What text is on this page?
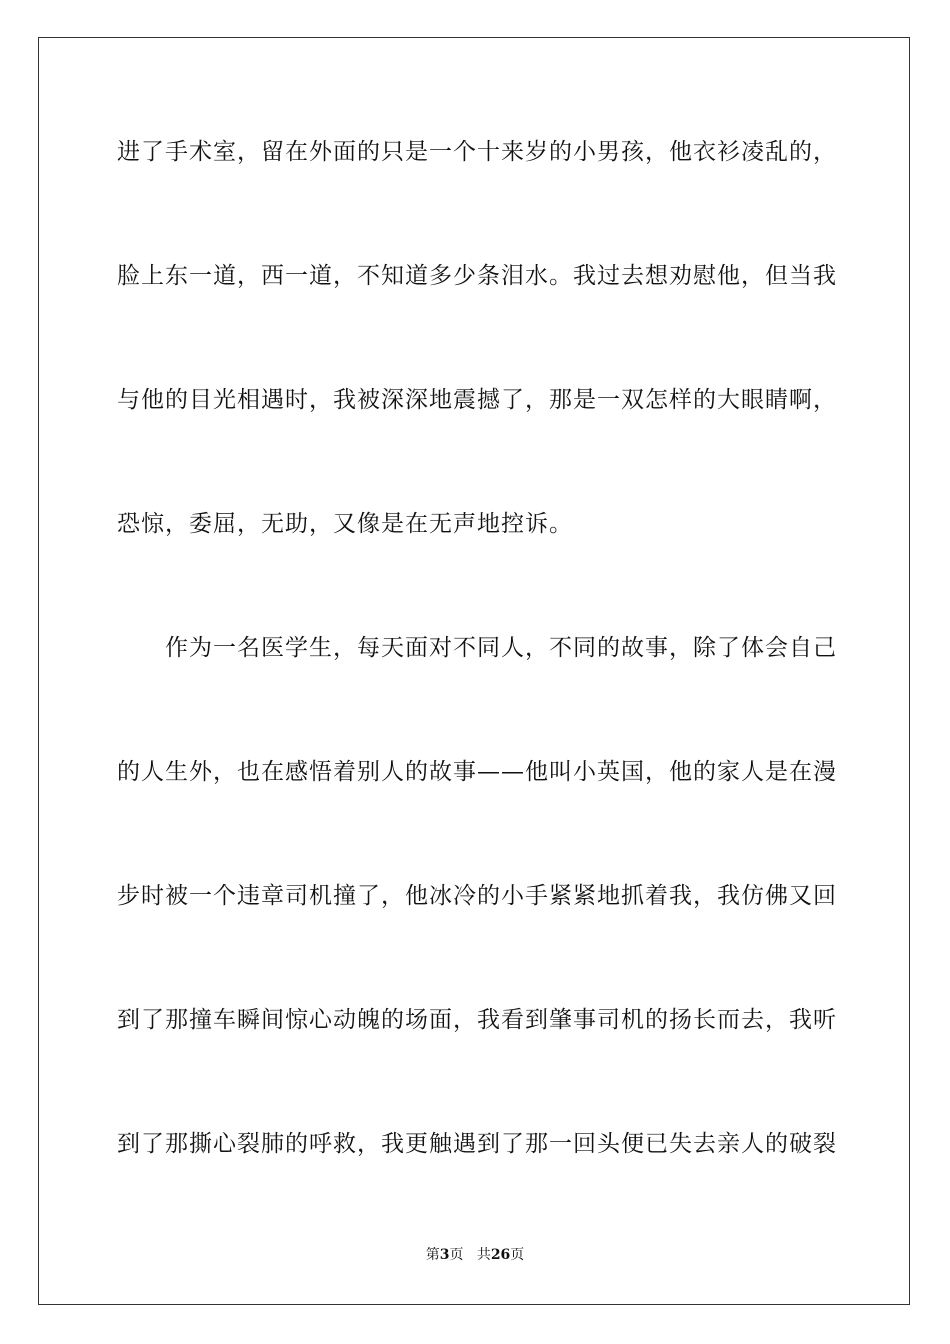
进了手术室，留在外面的只是一个十来岁的小男孩，他衣衫凌乱的，
脸上东一道，西一道，不知道多少条泪水。我过去想劝慰他，但当我
与他的目光相遇时，我被深深地震撼了，那是一双怎样的大眼睛啊，
恐惊，委屈，无助，又像是在无声地控诉。
作为一名医学生，每天面对不同人，不同的故事，除了体会自己
的人生外，也在感悟着别人的故事——他叫小英国，他的家人是在漫
步时被一个违章司机撞了，他冰冷的小手紧紧地抓着我，我仿佛又回
到了那撞车瞬间惊心动魄的场面，我看到肇事司机的扬长而去，我听
到了那撕心裂肺的呼救，我更触遇到了那一回头便已失去亲人的破裂
第3页 共26页
